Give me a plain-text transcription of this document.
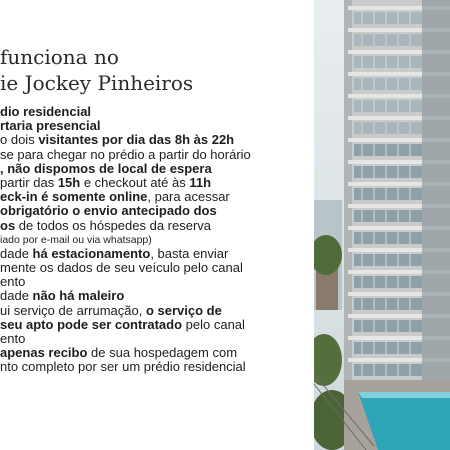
funciona no
ie Jockey Pinheiros
dio residencial
rtaria presencial
o dois visitantes por dia das 8h às 22h
se para chegar no prédio a partir do horário
, não dispomos de local de espera
partir das 15h e checkout até às 11h
eck-in é somente online, para acessar
obrigatório o envio antecipado dos
os de todos os hóspedes da reserva
iado por e-mail ou via whatsapp)
dade há estacionamento, basta enviar
mente os dados de seu veículo pelo canal
ento
dade não há maleiro
ui serviço de arrumação, o serviço de
seu apto pode ser contratado pelo canal
ento
apenas recibo de sua hospedagem com
nto completo por ser um prédio residencial
